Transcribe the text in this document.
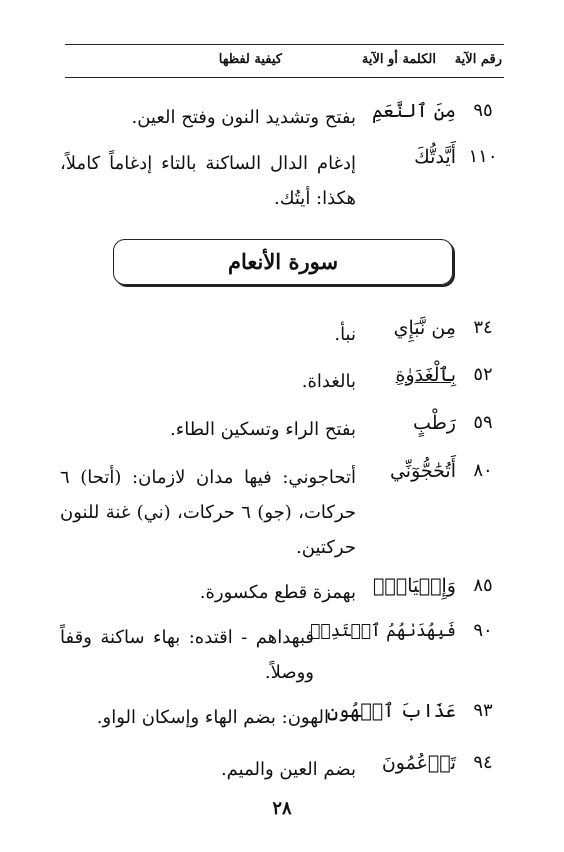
رقم الآية
الكلمة أو الآية
كيفية لفظها
٩٥
مِنَ ٱلنَّعَمِ
بفتح وتشديد النون وفتح العين.
١١٠
أَيَّدتُّكَ
إدغام الدال الساكنة بالتاء إدغاماً كاملاً، هكذا: أيتُك.
سورة الأنعام
٣٤
مِن نَّبَإِي
نبأ.
٥٢
بِٱلْغَدَوٰةِ
بالغداة.
٥٩
رَطْبٍ
بفتح الراء وتسكين الطاء.
٨٠
أَتُحَٰجُّوٓنِّي
أتحاجوني: فيها مدان لازمان: (أتحا) ٦ حركات، (جو) ٦ حركات، (ني) غنة للنون حركتين.
٨٥
وَإِلۡيَاسَۖ
بهمزة قطع مكسورة.
٩٠
فَبِهُدَىٰهُمُ ٱقۡتَدِهۡ
فبهداهم - اقتده: بهاء ساكنة وقفاً ووصلاً.
٩٣
عَذَابَ ٱلۡهُونِ
الهون: بضم الهاء وإسكان الواو.
٩٤
تَزۡعُمُونَ
بضم العين والميم.
٢٨
